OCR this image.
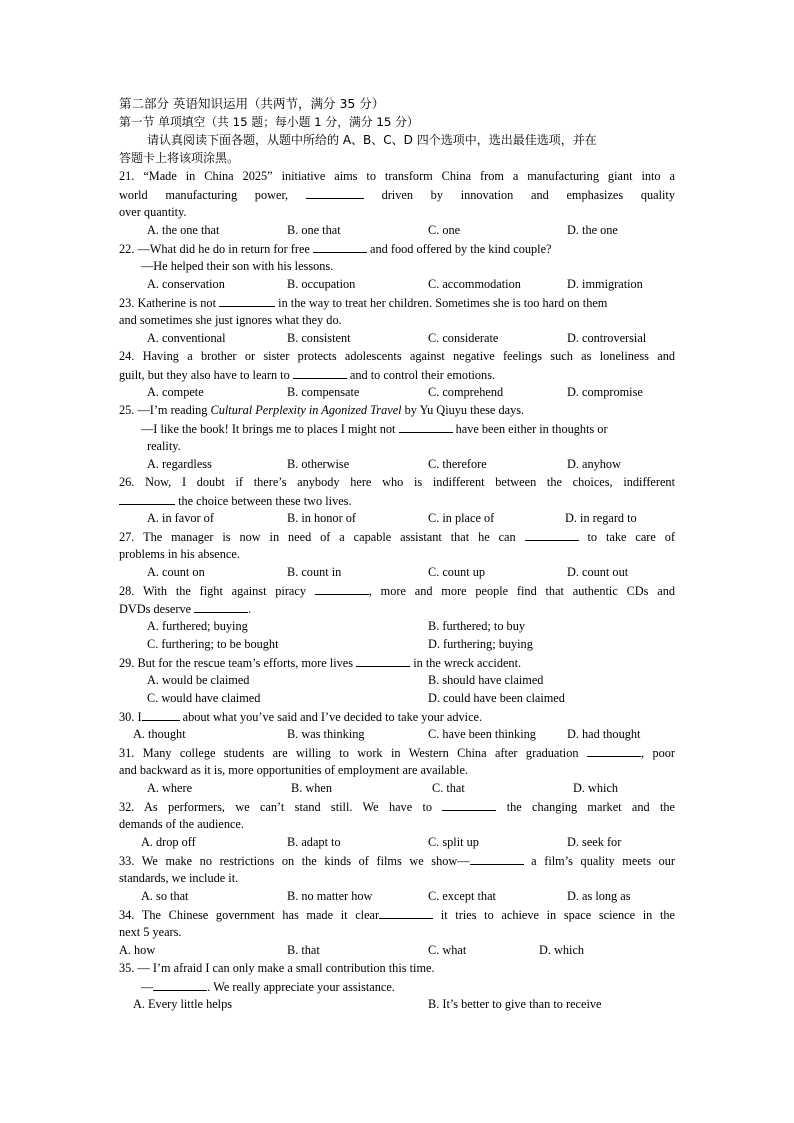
第二部分 英语知识运用（共两节，满分 35 分）
第一节 单项填空（共 15 题；每小题 1 分，满分 15 分）
请认真阅读下面各题，从题中所给的 A、B、C、D 四个选项中，选出最佳选项，并在
答题卡上将该项涂黑。
21. “Made in China 2025” initiative aims to transform China from a manufacturing giant into a
world manufacturing power,	driven by innovation and emphasizes quality
over quantity.
A. the one that	B. one that	C. one	D. the one
22. —What did he do in return for free	and food offered by the kind couple?
—He helped their son with his lessons.
A. conservation	B. occupation	C. accommodation	D. immigration
23. Katherine is not	in the way to treat her children. Sometimes she is too hard on them
and sometimes she just ignores what they do.
A. conventional	B. consistent	C. considerate	D. controversial
24. Having a brother or sister protects adolescents against negative feelings such as loneliness and
guilt, but they also have to learn to	and to control their emotions.
A. compete	B. compensate	C. comprehend	D. compromise
25. —I’m reading Cultural Perplexity in Agonized Travel by Yu Qiuyu these days.
—I like the book! It brings me to places I might not	have been either in thoughts or
reality.
A. regardless	B. otherwise	C. therefore	D. anyhow
26. Now, I doubt if there’s anybody here who is indifferent between the choices, indifferent
the choice between these two lives.
A. in favor of	B. in honor of	C. in place of	D. in regard to
27. The manager is now in need of a capable assistant that he can	to take care of
problems in his absence.
A. count on	B. count in	C. count up	D. count out
28. With the fight against piracy	, more and more people find that authentic CDs and
DVDs deserve	.
A. furthered; buying	B. furthered; to buy
C. furthering; to be bought	D. furthering; buying
29. But for the rescue team’s efforts, more lives	in the wreck accident.
A. would be claimed	B. should have claimed
C. would have claimed	D. could have been claimed
30. I	about what you’ve said and I’ve decided to take your advice.
A. thought	B. was thinking	C. have been thinking	D. had thought
31. Many college students are willing to work in Western China after graduation	, poor
and backward as it is, more opportunities of employment are available.
A. where	B. when	C. that	D. which
32. As performers, we can’t stand still. We have to	the changing market and the
demands of the audience.
A. drop off	B. adapt to	C. split up	D. seek for
33. We make no restrictions on the kinds of films we show—	a film’s quality meets our
standards, we include it.
A. so that	B. no matter how	C. except that	D. as long as
34. The Chinese government has made it clear	it tries to achieve in space science in the
next 5 years.
A. how	B. that	C. what	D. which
35. — I’m afraid I can only make a small contribution this time.
—	. We really appreciate your assistance.
A. Every little helps	B. It’s better to give than to receive
